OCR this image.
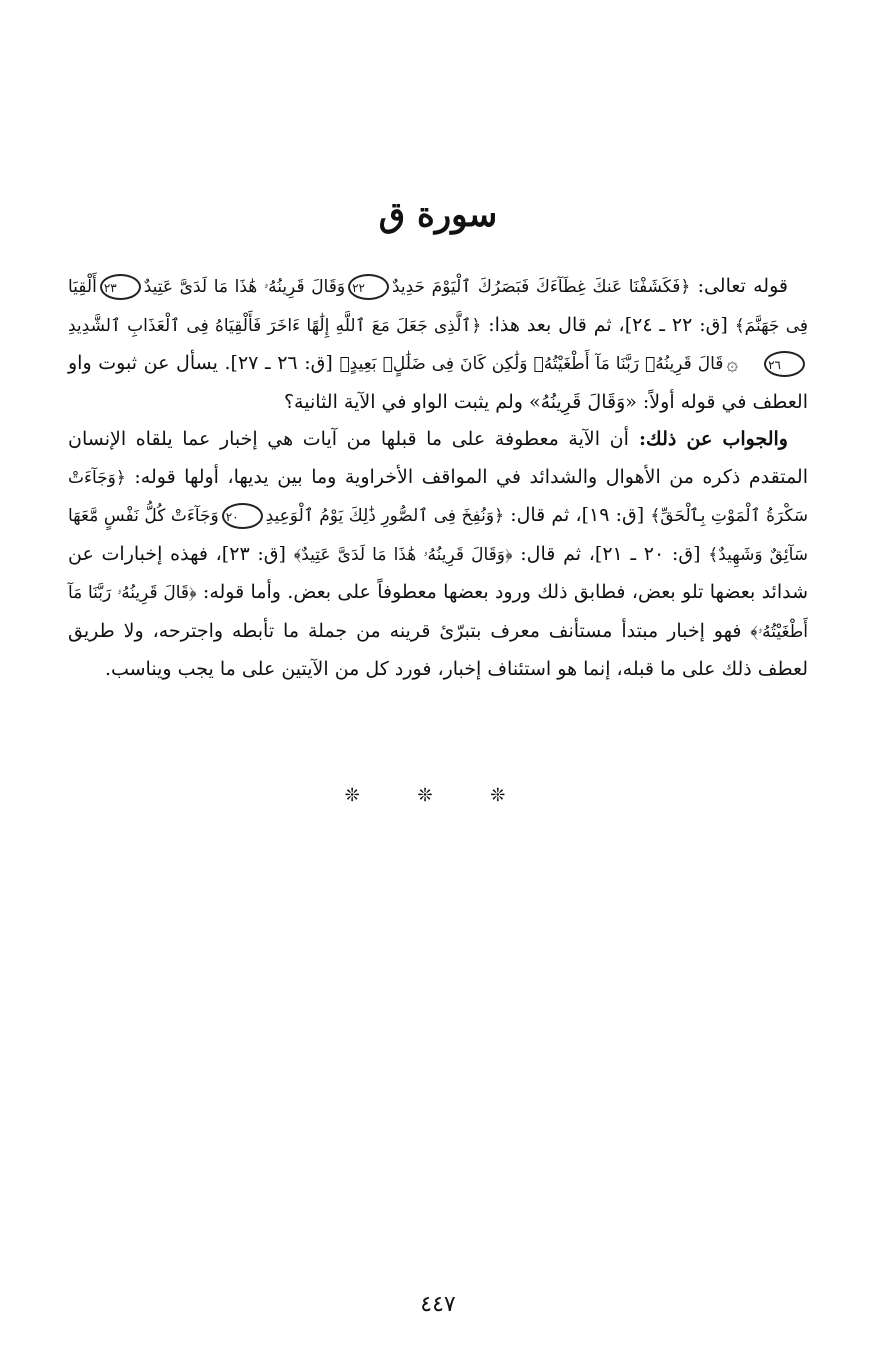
سورة ق

قوله تعالى: ﴿فَكَشَفْنَا عَنكَ غِطَآءَكَ فَبَصَرُكَ ٱلْيَوْمَ حَدِيدٌ٢٢وَقَالَ قَرِينُهُۥ هَٰذَا مَا لَدَىَّ عَتِيدٌ٢٣أَلْقِيَا فِى جَهَنَّمَ﴾ [ق: ٢٢ ـ ٢٤]، ثم قال بعد هذا: ﴿ٱلَّذِى جَعَلَ مَعَ ٱللَّهِ إِلَٰهًا ءَاخَرَ فَأَلْقِيَاهُ فِى ٱلْعَذَابِ ٱلشَّدِيدِ٢٦۞قَالَ قَرِينُهُۥ رَبَّنَا مَآ أَطْغَيْتُهُۥ وَلَٰكِن كَانَ فِى ضَلَٰلٍۭ بَعِيدٍ﴾ [ق: ٢٦ ـ ٢٧]. يسأل عن ثبوت واو العطف في قوله أولاً: «وَقَالَ قَرِينُهُ» ولم يثبت الواو في الآية الثانية؟

والجواب عن ذلك: أن الآية معطوفة على ما قبلها من آيات هي إخبار عما يلقاه الإنسان المتقدم ذكره من الأهوال والشدائد في المواقف الأخراوية وما بين يديها، أولها قوله: ﴿وَجَآءَتْ سَكْرَةُ ٱلْمَوْتِ بِٱلْحَقِّ﴾ [ق: ١٩]، ثم قال: ﴿وَنُفِخَ فِى ٱلصُّورِ ذَٰلِكَ يَوْمُ ٱلْوَعِيدِ٢٠وَجَآءَتْ كُلُّ نَفْسٍ مَّعَهَا سَآئِقٌ وَشَهِيدٌ﴾ [ق: ٢٠ ـ ٢١]، ثم قال: ﴿وَقَالَ قَرِينُهُۥ هَٰذَا مَا لَدَىَّ عَتِيدٌ﴾ [ق: ٢٣]، فهذه إخبارات عن شدائد بعضها تلو بعض، فطابق ذلك ورود بعضها معطوفاً على بعض. وأما قوله: ﴿قَالَ قَرِينُهُۥ رَبَّنَا مَآ أَطْغَيْتُهُۥ﴾ فهو إخبار مبتدأ مستأنف معرف بتبرّئ قرينه من جملة ما تأبطه واجترحه، ولا طريق لعطف ذلك على ما قبله، إنما هو استئناف إخبار، فورد كل من الآيتين على ما يجب ويناسب.

❊ ❊ ❊
٤٤٧
